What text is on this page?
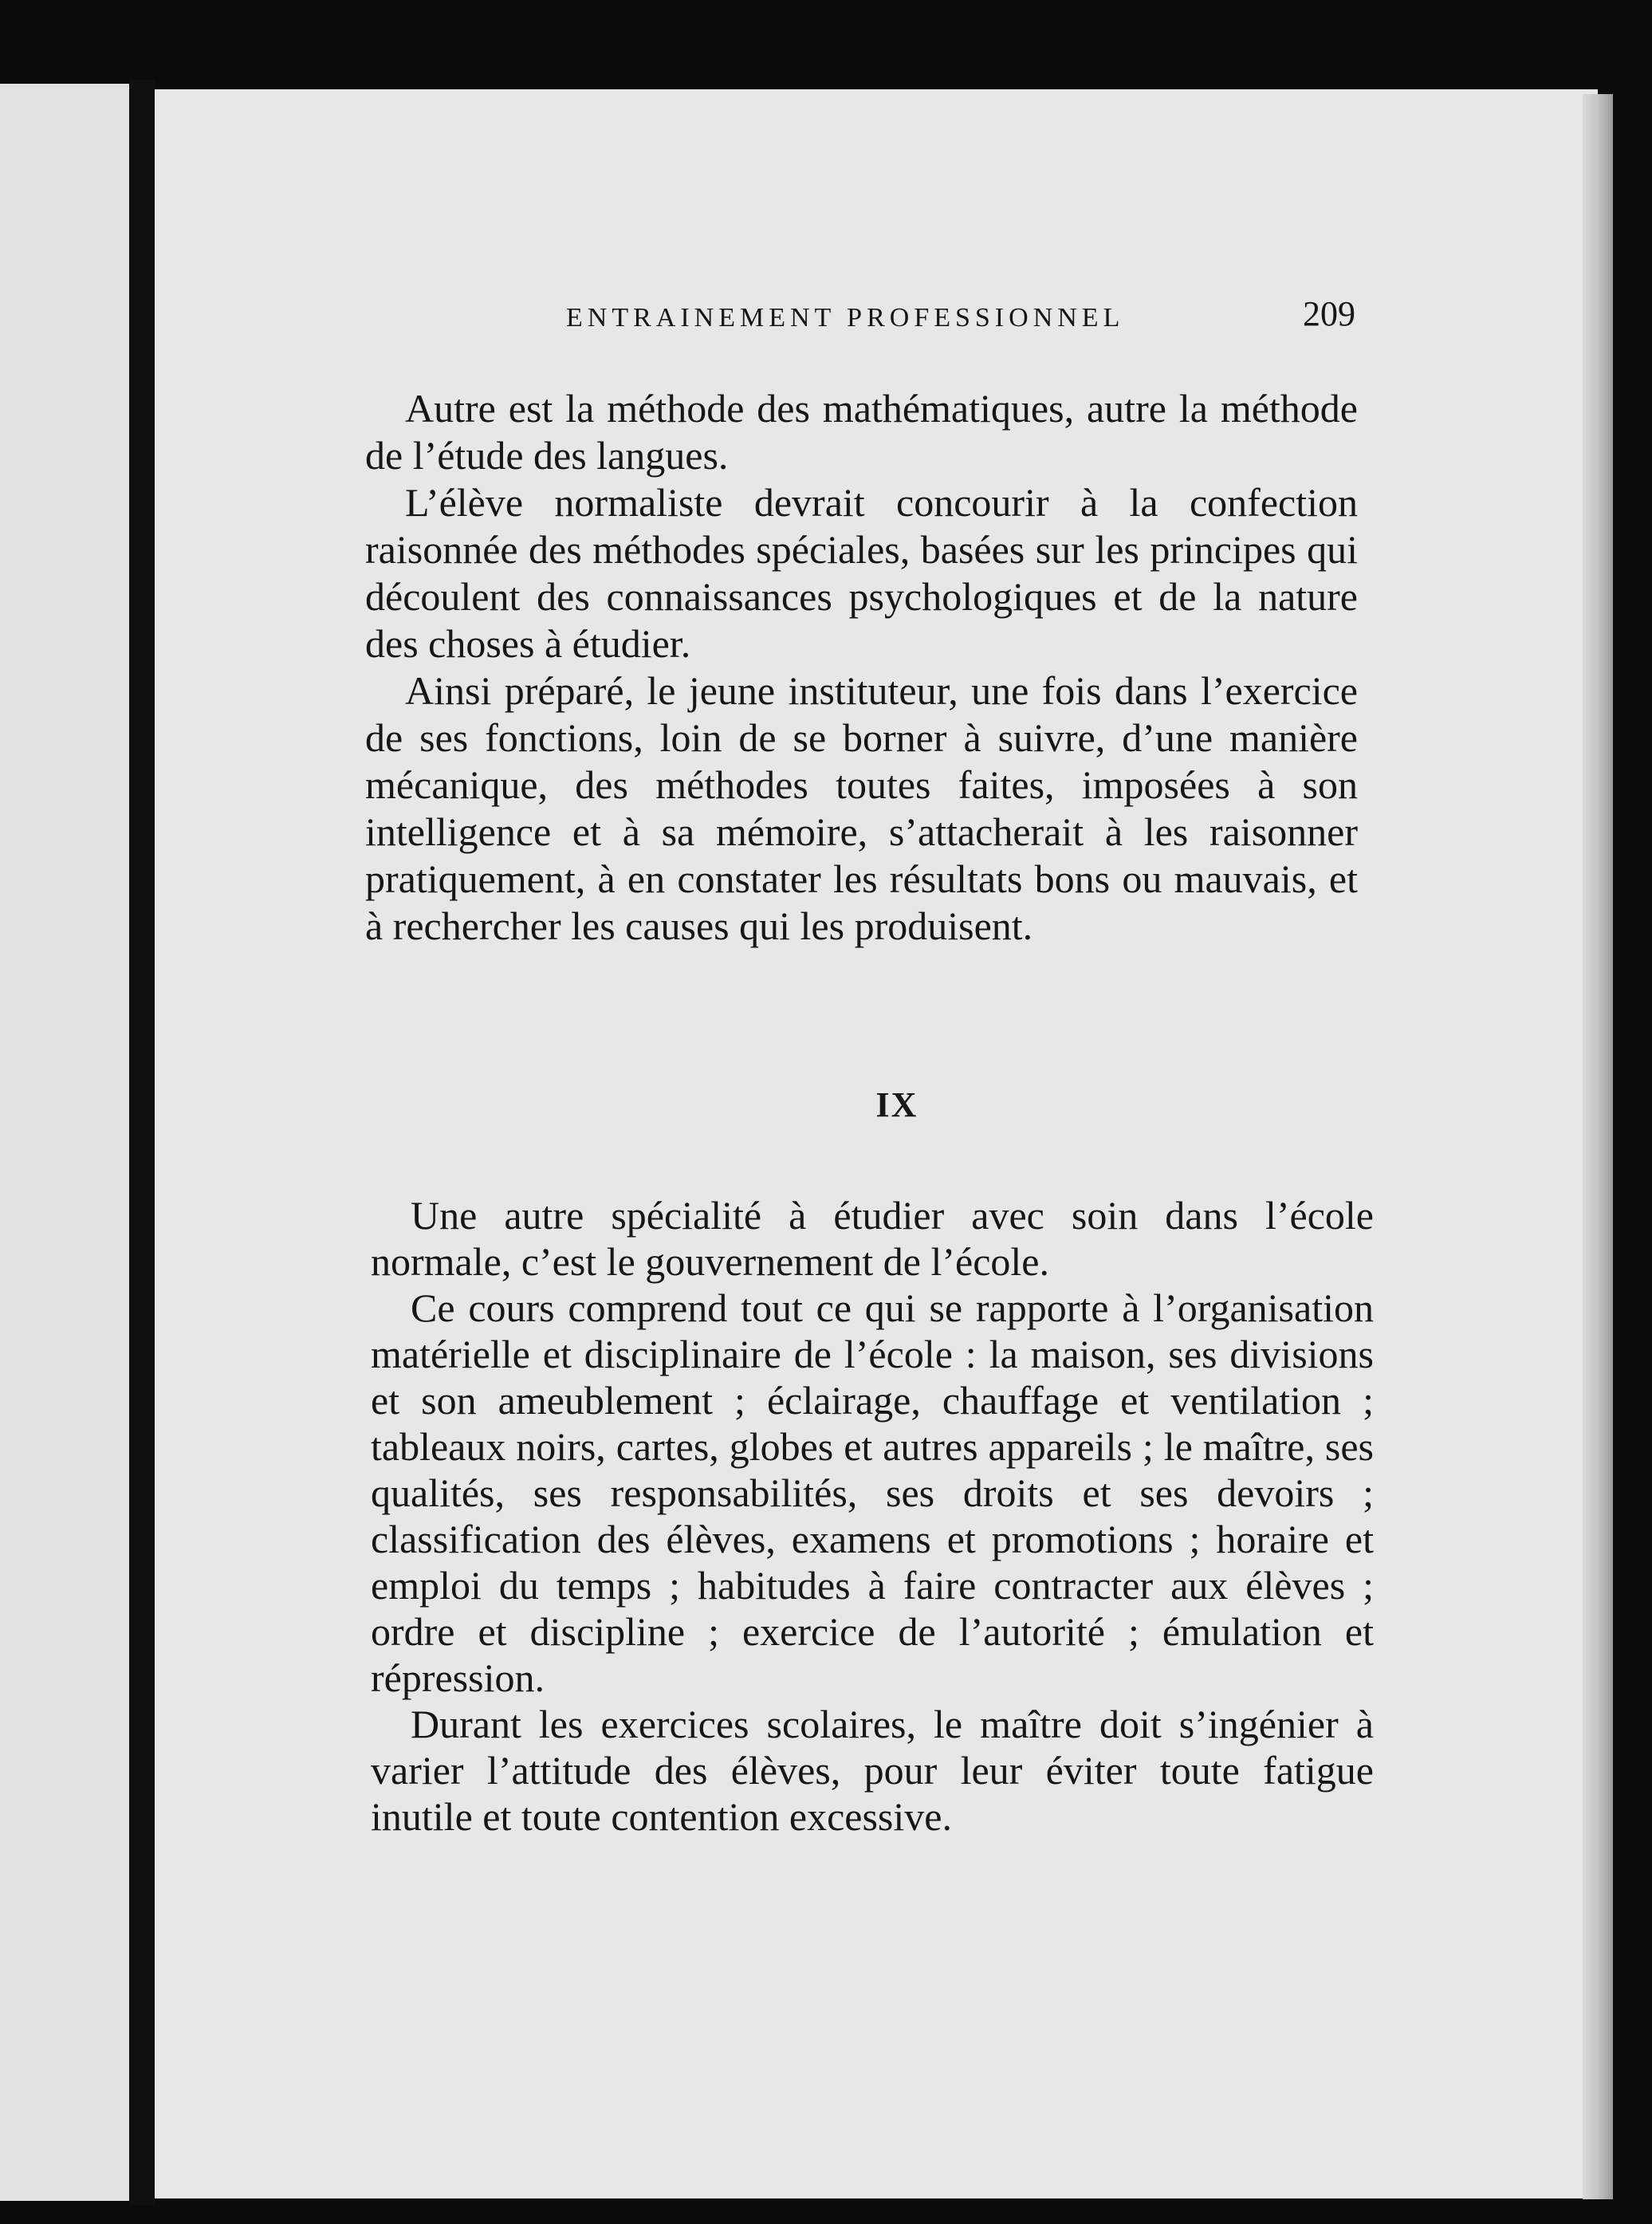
ENTRAINEMENT PROFESSIONNEL	209

Autre est la méthode des mathématiques, autre la méthode de l’étude des langues.

L’élève normaliste devrait concourir à la confection raisonnée des méthodes spéciales, basées sur les principes qui découlent des connaissances psychologiques et de la nature des choses à étudier.

Ainsi préparé, le jeune instituteur, une fois dans l’exercice de ses fonctions, loin de se borner à suivre, d’une manière mécanique, des méthodes toutes faites, imposées à son intelligence et à sa mémoire, s’attacherait à les raisonner pratiquement, à en constater les résultats bons ou mauvais, et à rechercher les causes qui les produisent.

IX

Une autre spécialité à étudier avec soin dans l’école normale, c’est le gouvernement de l’école.

Ce cours comprend tout ce qui se rapporte à l’organisation matérielle et disciplinaire de l’école : la maison, ses divisions et son ameublement ; éclairage, chauffage et ventilation ; tableaux noirs, cartes, globes et autres appareils ; le maître, ses qualités, ses responsabilités, ses droits et ses devoirs ; classification des élèves, examens et promotions ; horaire et emploi du temps ; habitudes à faire contracter aux élèves ; ordre et discipline ; exercice de l’autorité ; émulation et répression.

Durant les exercices scolaires, le maître doit s’ingénier à varier l’attitude des élèves, pour leur éviter toute fatigue inutile et toute contention excessive.
